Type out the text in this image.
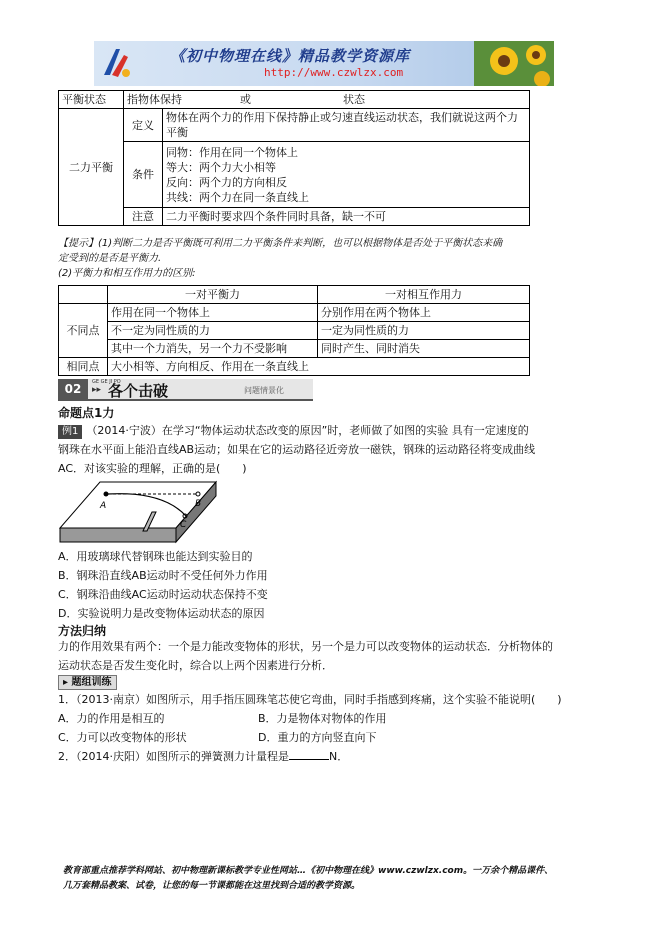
《初中物理在线》精品教学资源库
http://www.czwlzx.com
平衡状态	指物体保持 或 状态	
二力平衡	定义	物体在两个力的作用下保持静止或匀速直线运动状态，我们就说这两个力平衡
	条件	同物：作用在同一个物体上
等大：两个力大小相等
反向：两个力的方向相反
共线：两个力在同一条直线上

	注意	二力平衡时要求四个条件同时具备，缺一不可
【提示】(1)判断二力是否平衡既可利用二力平衡条件来判断，也可以根据物体是否处于平衡状态来确
定受到的是否是平衡力.
(2)平衡力和相互作用力的区别:
	一对平衡力	一对相互作用力
不同点	作用在同一个物体上	分别作用在两个物体上
	不一定为同性质的力	一定为同性质的力
	其中一个力消失，另一个力不受影响	同时产生、同时消失
相同点	大小相等、方向相反、作用在一条直线上	
02	GE GE JI PO
▸▸ 各个击破	问题情景化
命题点1力
例1 （2014·宁波）在学习“物体运动状态改变的原因”时，老师做了如图的实验 具有一定速度的
钢珠在水平面上能沿直线AB运动；如果在它的运动路径近旁放一磁铁，钢珠的运动路径将变成曲线
AC．对该实验的理解，正确的是(　　)
A	B
C
A．用玻璃球代替钢珠也能达到实验目的
B．钢珠沿直线AB运动时不受任何外力作用
C．钢珠沿曲线AC运动时运动状态保持不变
D．实验说明力是改变物体运动状态的原因
方法归纳
力的作用效果有两个：一个是力能改变物体的形状，另一个是力可以改变物体的运动状态．分析物体的
运动状态是否发生变化时，综合以上两个因素进行分析．
▸ 题组训练
1．（2013·南京）如图所示，用手指压圆珠笔芯使它弯曲，同时手指感到疼痛，这个实验不能说明(　　)
A．力的作用是相互的	B．力是物体对物体的作用
C．力可以改变物体的形状	D．重力的方向竖直向下
2．（2014·庆阳）如图所示的弹簧测力计量程是	N．
教育部重点推荐学科网站、初中物理新课标教学专业性网站…《初中物理在线》www.czwlzx.com。一万余个精品课件、
几万套精品教案、试卷，让您的每一节课都能在这里找到合适的教学资源。
